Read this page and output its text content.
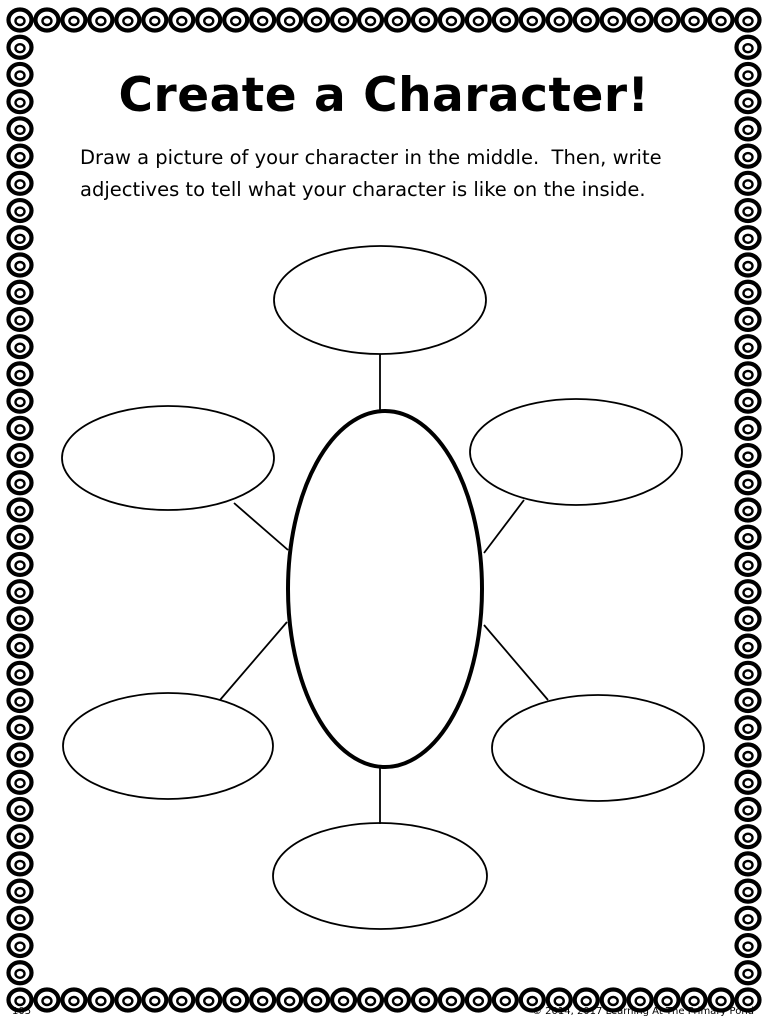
Create a Character!
Draw a picture of your character in the middle.  Then, write
adjectives to tell what your character is like on the inside.
105	© 2014, 2017 Learning At The Primary Pond
